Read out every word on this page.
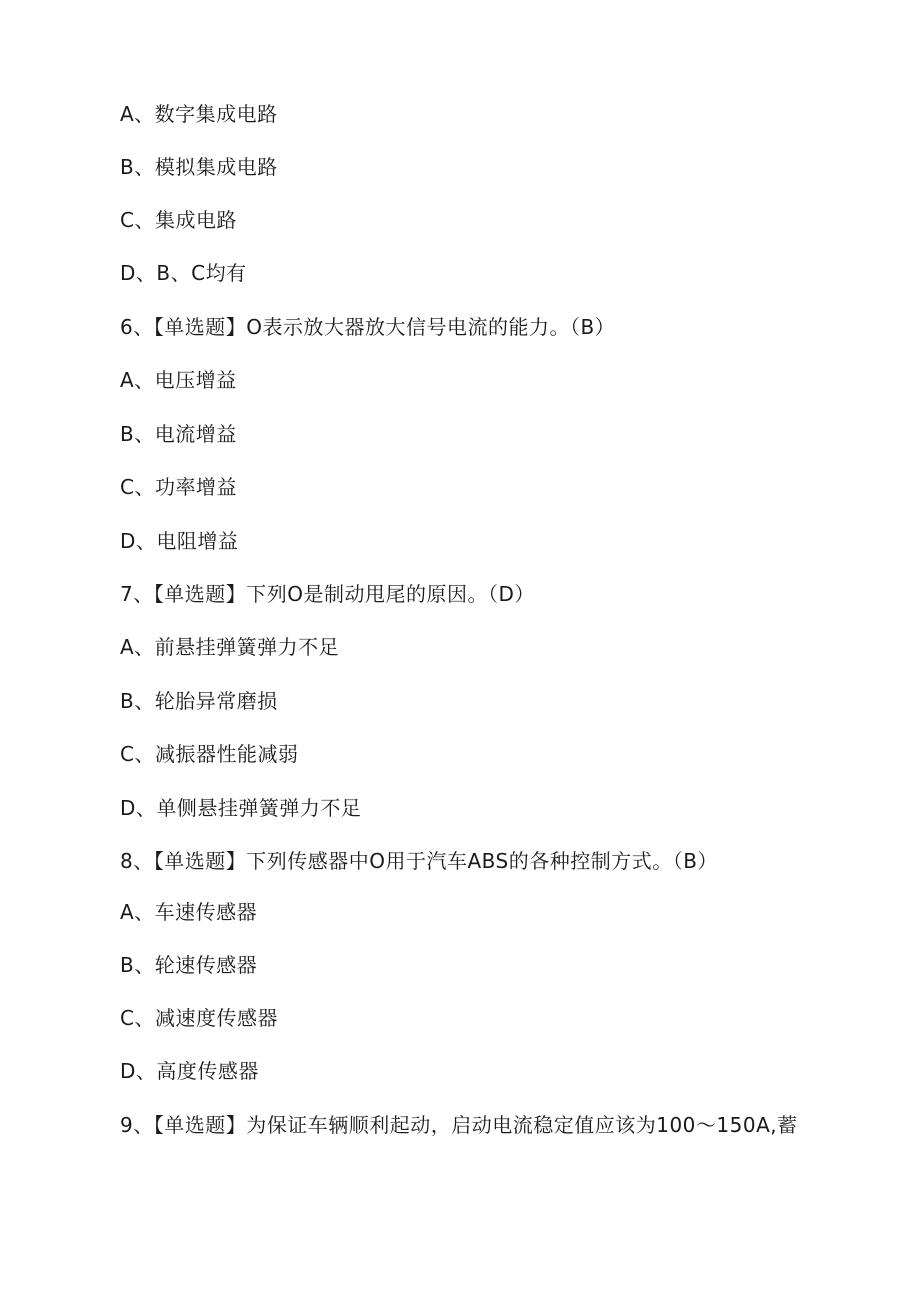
A、数字集成电路
B、模拟集成电路
C、集成电路
D、B、C均有
6、【单选题】O表示放大器放大信号电流的能力。（B）
A、电压增益
B、电流增益
C、功率增益
D、电阻增益
7、【单选题】下列O是制动甩尾的原因。（D）
A、前悬挂弹簧弹力不足
B、轮胎异常磨损
C、减振器性能减弱
D、单侧悬挂弹簧弹力不足
8、【单选题】下列传感器中O用于汽车ABS的各种控制方式。（B）
A、车速传感器
B、轮速传感器
C、减速度传感器
D、高度传感器
9、【单选题】为保证车辆顺利起动，启动电流稳定值应该为100〜150A,蓄
